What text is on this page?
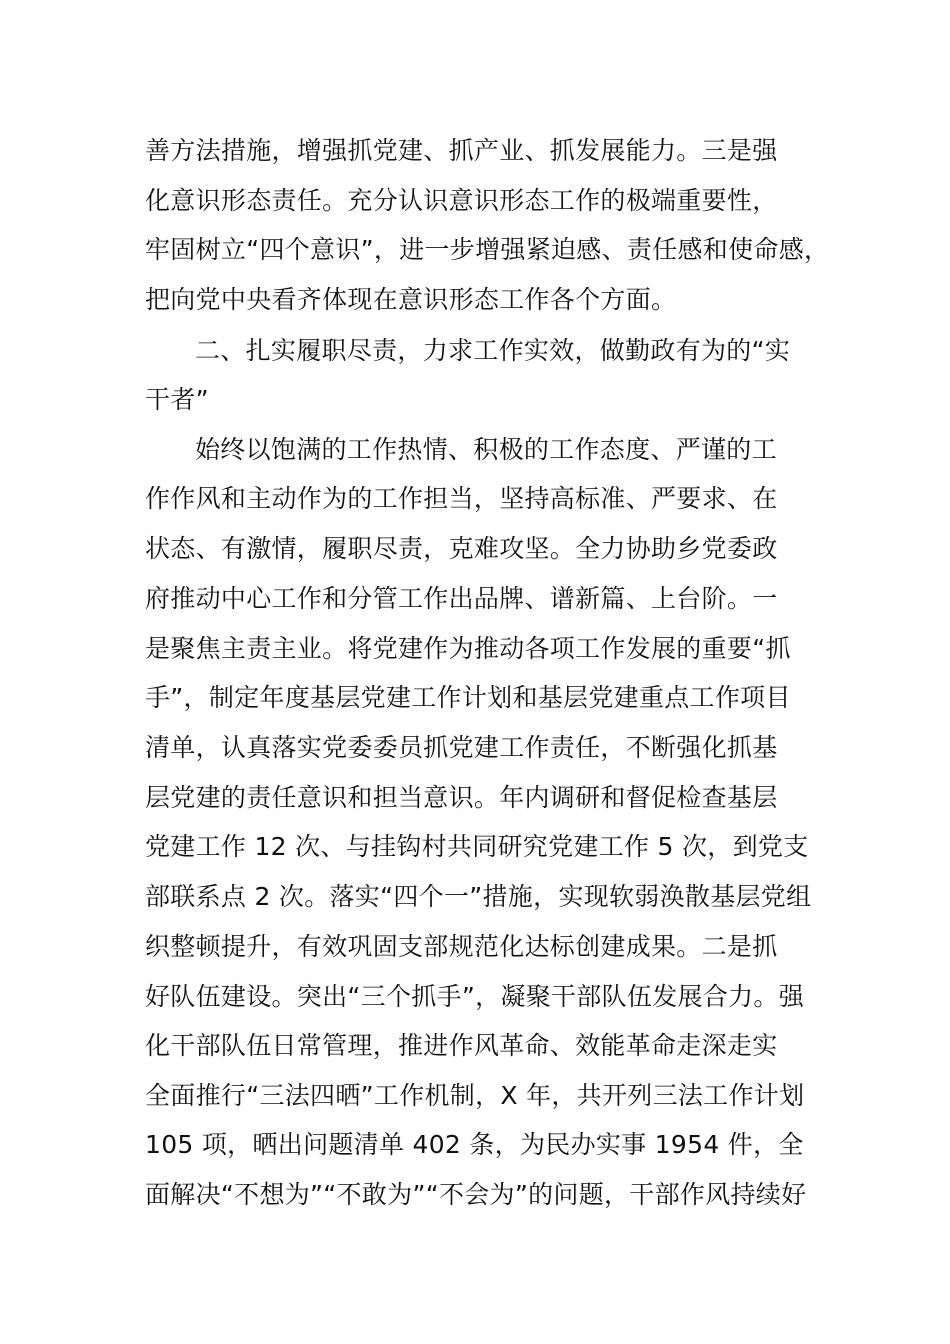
善方法措施，增强抓党建、抓产业、抓发展能力。三是强
化意识形态责任。充分认识意识形态工作的极端重要性，
牢固树立“四个意识”，进一步增强紧迫感、责任感和使命感，
把向党中央看齐体现在意识形态工作各个方面。
二、扎实履职尽责，力求工作实效，做勤政有为的“实
干者”
始终以饱满的工作热情、积极的工作态度、严谨的工
作作风和主动作为的工作担当，坚持高标准、严要求、在
状态、有激情，履职尽责，克难攻坚。全力协助乡党委政
府推动中心工作和分管工作出品牌、谱新篇、上台阶。一
是聚焦主责主业。将党建作为推动各项工作发展的重要“抓
手”，制定年度基层党建工作计划和基层党建重点工作项目
清单，认真落实党委委员抓党建工作责任，不断强化抓基
层党建的责任意识和担当意识。年内调研和督促检查基层
党建工作 12 次、与挂钩村共同研究党建工作 5 次，到党支
部联系点 2 次。落实“四个一”措施，实现软弱涣散基层党组
织整顿提升，有效巩固支部规范化达标创建成果。二是抓
好队伍建设。突出“三个抓手”，凝聚干部队伍发展合力。强
化干部队伍日常管理，推进作风革命、效能革命走深走实
全面推行“三法四晒”工作机制，X 年，共开列三法工作计划
105 项，晒出问题清单 402 条，为民办实事 1954 件，全
面解决“不想为”“不敢为”“不会为”的问题，干部作风持续好
